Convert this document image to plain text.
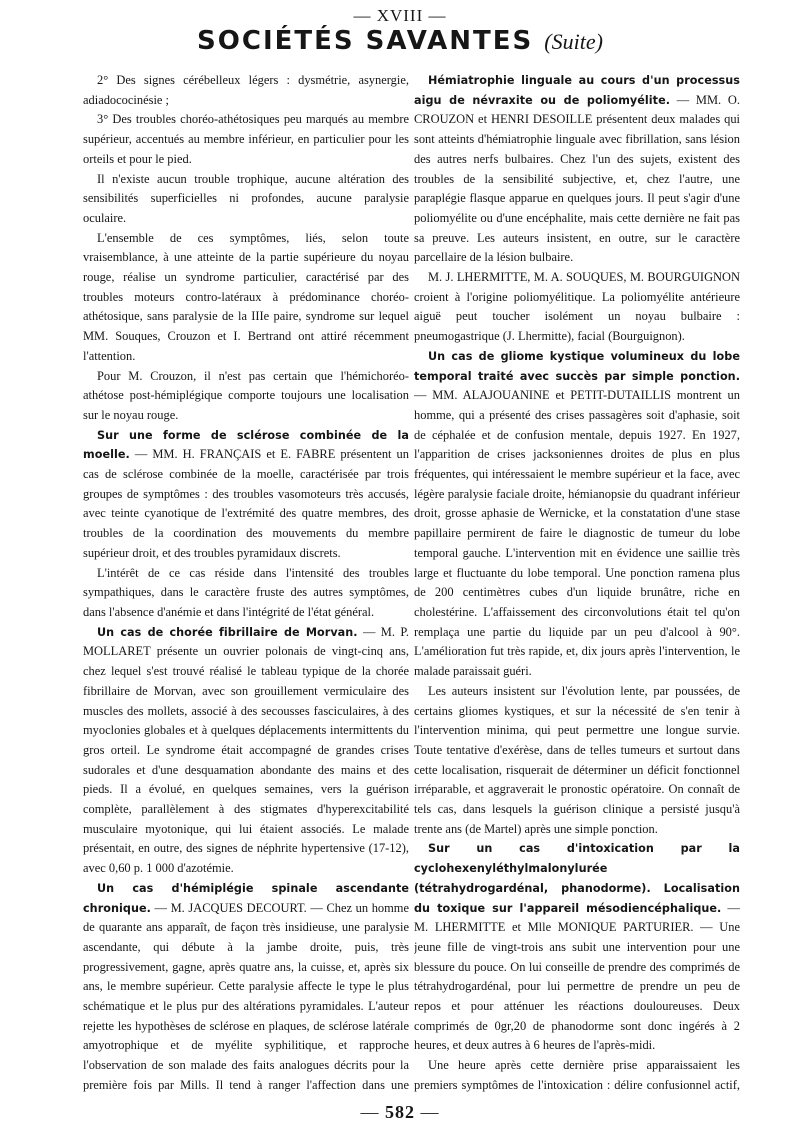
— XVIII —
SOCIÉTÉS SAVANTES (Suite)

2° Des signes cérébelleux légers : dysmétrie, asynergie, adiadococinésie ;

3° Des troubles choréo-athétosiques peu marqués au membre supérieur, accentués au membre inférieur, en particulier pour les orteils et pour le pied.

Il n'existe aucun trouble trophique, aucune altération des sensibilités superficielles ni profondes, aucune paralysie oculaire.

L'ensemble de ces symptômes, liés, selon toute vraisemblance, à une atteinte de la partie supérieure du noyau rouge, réalise un syndrome particulier, caractérisé par des troubles moteurs contro-latéraux à prédominance choréo-athétosique, sans paralysie de la IIIe paire, syndrome sur lequel MM. Souques, Crouzon et I. Bertrand ont attiré récemment l'attention.

Pour M. Crouzon, il n'est pas certain que l'hémichoréo-athétose post-hémiplégique comporte toujours une localisation sur le noyau rouge.

Sur une forme de sclérose combinée de la moelle. — MM. H. FRANÇAIS et E. FABRE présentent un cas de sclérose combinée de la moelle, caractérisée par trois groupes de symptômes : des troubles vasomoteurs très accusés, avec teinte cyanotique de l'extrémité des quatre membres, des troubles de la coordination des mouvements du membre supérieur droit, et des troubles pyramidaux discrets.

L'intérêt de ce cas réside dans l'intensité des troubles sympathiques, dans le caractère fruste des autres symptômes, dans l'absence d'anémie et dans l'intégrité de l'état général.

Un cas de chorée fibrillaire de Morvan. — M. P. MOLLARET présente un ouvrier polonais de vingt-cinq ans, chez lequel s'est trouvé réalisé le tableau typique de la chorée fibrillaire de Morvan, avec son grouillement vermiculaire des muscles des mollets, associé à des secousses fasciculaires, à des myoclonies globales et à quelques déplacements intermittents du gros orteil. Le syndrome était accompagné de grandes crises sudorales et d'une desquamation abondante des mains et des pieds. Il a évolué, en quelques semaines, vers la guérison complète, parallèlement à des stigmates d'hyperexcitabilité musculaire myotonique, qui lui étaient associés. Le malade présentait, en outre, des signes de néphrite hypertensive (17-12), avec 0,60 p. 1 000 d'azotémie.

Un cas d'hémiplégie spinale ascendante chronique. — M. JACQUES DECOURT. — Chez un homme de quarante ans apparaît, de façon très insidieuse, une paralysie ascendante, qui débute à la jambe droite, puis, très progressivement, gagne, après quatre ans, la cuisse, et, après six ans, le membre supérieur. Cette paralysie affecte le type le plus schématique et le plus pur des altérations pyramidales. L'auteur rejette les hypothèses de sclérose en plaques, de sclérose latérale amyotrophique et de myélite syphilitique, et rapproche l'observation de son malade des faits analogues décrits pour la première fois par Mills. Il tend à ranger l'affection dans une

Hémiatrophie linguale au cours d'un processus aigu de névraxite ou de poliomyélite. — MM. O. CROUZON et HENRI DESOILLE présentent deux malades qui sont atteints d'hémiatrophie linguale avec fibrillation, sans lésion des autres nerfs bulbaires. Chez l'un des sujets, existent des troubles de la sensibilité subjective, et, chez l'autre, une paraplégie flasque apparue en quelques jours. Il peut s'agir d'une poliomyélite ou d'une encéphalite, mais cette dernière ne fait pas sa preuve. Les auteurs insistent, en outre, sur le caractère parcellaire de la lésion bulbaire.

M. J. LHERMITTE, M. A. SOUQUES, M. BOURGUIGNON croient à l'origine poliomyélitique. La poliomyélite antérieure aiguë peut toucher isolément un noyau bulbaire : pneumogastrique (J. Lhermitte), facial (Bourguignon).

Un cas de gliome kystique volumineux du lobe temporal traité avec succès par simple ponction. — MM. ALAJOUANINE et PETIT-DUTAILLIS montrent un homme, qui a présenté des crises passagères soit d'aphasie, soit de céphalée et de confusion mentale, depuis 1927. En 1927, l'apparition de crises jacksoniennes droites de plus en plus fréquentes, qui intéressaient le membre supérieur et la face, avec légère paralysie faciale droite, hémianopsie du quadrant inférieur droit, grosse aphasie de Wernicke, et la constatation d'une stase papillaire permirent de faire le diagnostic de tumeur du lobe temporal gauche. L'intervention mit en évidence une saillie très large et fluctuante du lobe temporal. Une ponction ramena plus de 200 centimètres cubes d'un liquide brunâtre, riche en cholestérine. L'affaissement des circonvolutions était tel qu'on remplaça une partie du liquide par un peu d'alcool à 90°. L'amélioration fut très rapide, et, dix jours après l'intervention, le malade paraissait guéri.

Les auteurs insistent sur l'évolution lente, par poussées, de certains gliomes kystiques, et sur la nécessité de s'en tenir à l'intervention minima, qui peut permettre une longue survie. Toute tentative d'exérèse, dans de telles tumeurs et surtout dans cette localisation, risquerait de déterminer un déficit fonctionnel irréparable, et aggraverait le pronostic opératoire. On connaît de tels cas, dans lesquels la guérison clinique a persisté jusqu'à trente ans (de Martel) après une simple ponction.

Sur un cas d'intoxication par la cyclohexenyléthylmalonylurée (tétrahydrogardénal, phanodorme). Localisation du toxique sur l'appareil mésodiencéphalique. — M. LHERMITTE et Mlle MONIQUE PARTURIER. — Une jeune fille de vingt-trois ans subit une intervention pour une blessure du pouce. On lui conseille de prendre des comprimés de tétrahydrogardénal, pour lui permettre de prendre un peu de repos et pour atténuer les réactions douloureuses. Deux comprimés de 0gr,20 de phanodorme sont donc ingérés à 2 heures, et deux autres à 6 heures de l'après-midi.

Une heure après cette dernière prise apparaissaient les premiers symptômes de l'intoxication : délire confusionnel actif,

— 582 —
